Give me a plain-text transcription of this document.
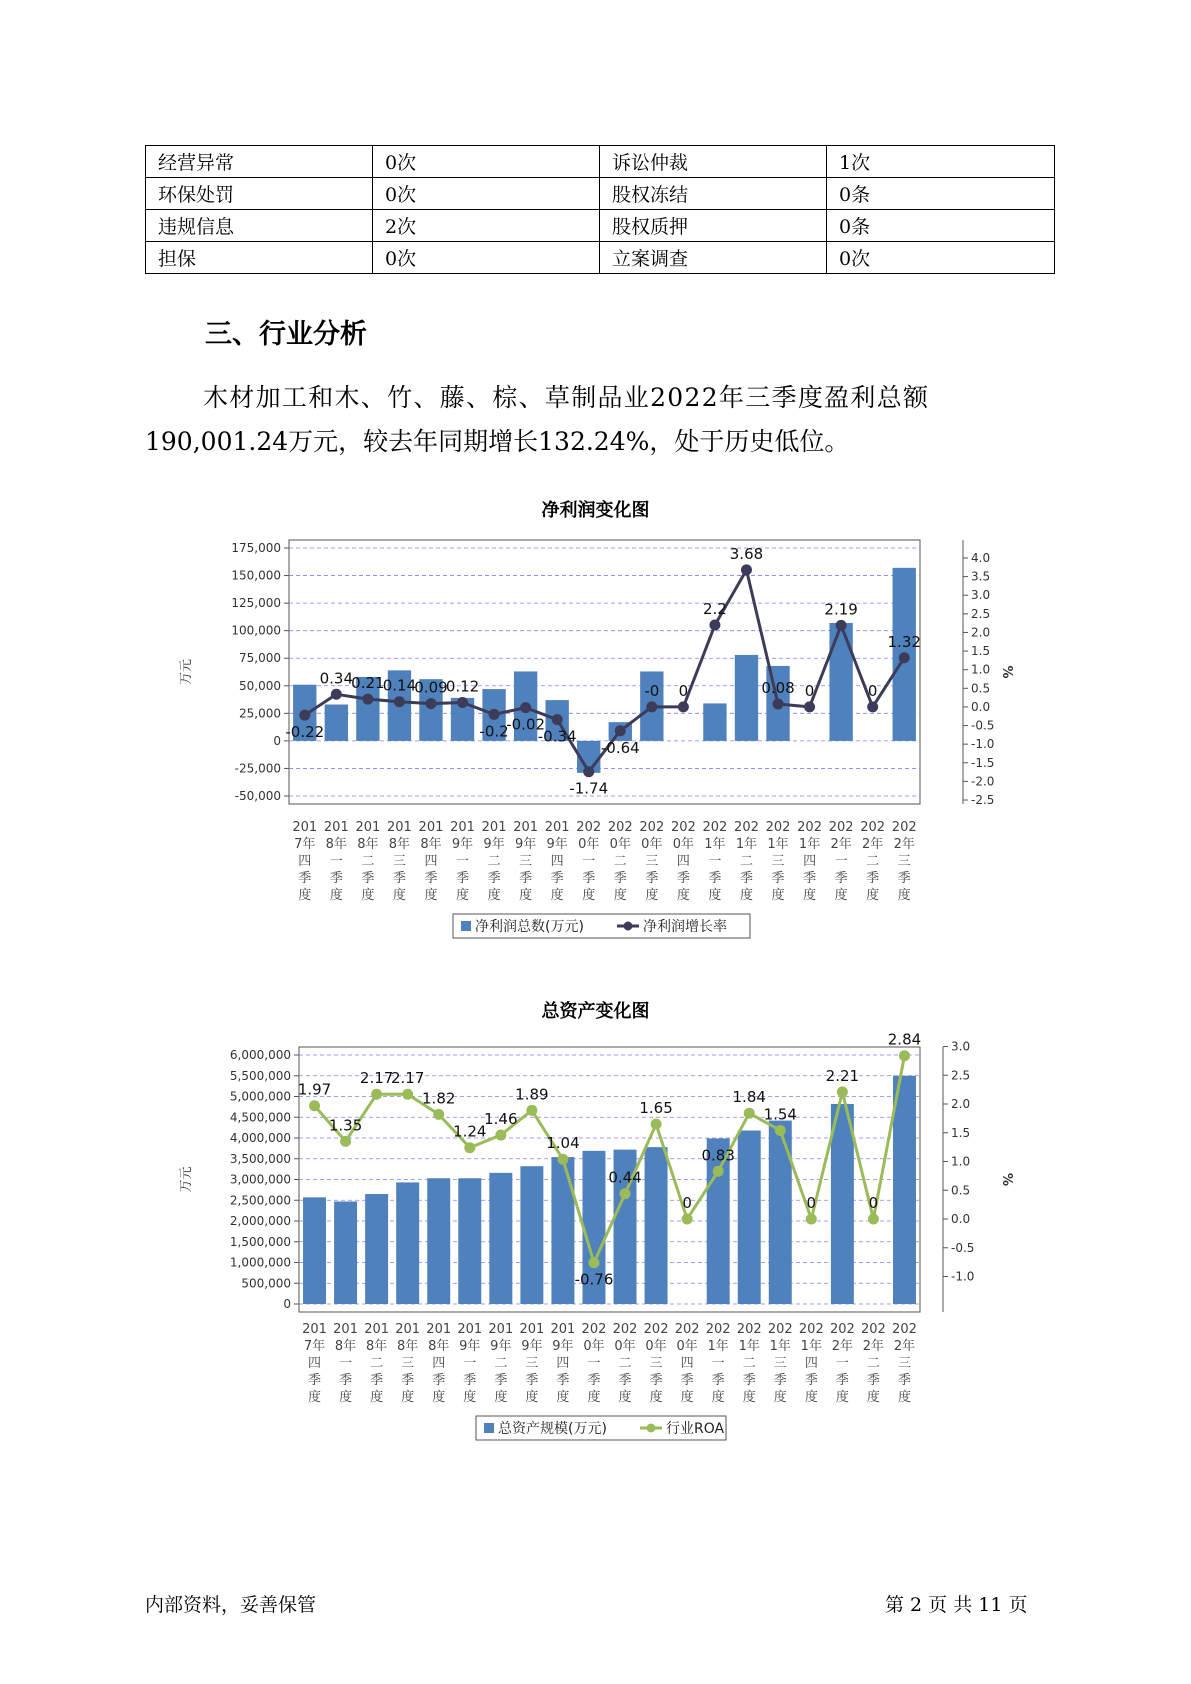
经营异常	0次	诉讼仲裁	1次
环保处罚	0次	股权冻结	0条
违规信息	2次	股权质押	0条
担保	0次	立案调查	0次
三、行业分析
木材加工和木、竹、藤、棕、草制品业2022年三季度盈利总额
190,001.24万元，较去年同期增长132.24%，处于历史低位。
净利润变化图
175,000
150,000
125,000
100,000
75,000
50,000
25,000
0
-25,000
-50,000
万元
4.0
3.5
3.0
2.5
2.0
1.5
1.0
0.5
0.0
-0.5
-1.0
-1.5
-2.0
-2.5
%
-0.22
0.34
0.21
0.14
0.09
0.12
-0.2
-0.02
-0.34
-1.74
-0.64
-0 0
2.2
3.68
0.08 0
2.19
0
1.32
201
7年
四
季
度
201
8年
一
季
度
201
8年
二
季
度
201
8年
三
季
度
201
8年
四
季
度
201
9年
一
季
度
201
9年
二
季
度
201
9年
三
季
度
201
9年
四
季
度
202
0年
一
季
度
202
0年
二
季
度
202
0年
三
季
度
202
0年
四
季
度
202
1年
一
季
度
202
1年
二
季
度
202
1年
三
季
度
202
1年
四
季
度
202
2年
一
季
度
202
2年
二
季
度
202
2年
三
季
度
净利润总数(万元)	净利润增长率
总资产变化图
6,000,000
5,500,000
5,000,000
4,500,000
4,000,000
3,500,000
3,000,000
2,500,000
2,000,000
1,500,000
1,000,000
500,000
0
万元
3.0
2.5
2.0
1.5
1.0
0.5
0.0
-0.5
-1.0
%
1.97
1.35
2.17
2.17
1.82
1.24
1.46
1.89
1.04
-0.76
0.44
1.65
0
0.83
1.84
1.54
0
2.21
0
2.84
201
7年
四
季
度
201
8年
一
季
度
201
8年
二
季
度
201
8年
三
季
度
201
8年
四
季
度
201
9年
一
季
度
201
9年
二
季
度
201
9年
三
季
度
201
9年
四
季
度
202
0年
一
季
度
202
0年
二
季
度
202
0年
三
季
度
202
0年
四
季
度
202
1年
一
季
度
202
1年
二
季
度
202
1年
三
季
度
202
1年
四
季
度
202
2年
一
季
度
202
2年
二
季
度
202
2年
三
季
度
总资产规模(万元)	行业ROA
内部资料，妥善保管	第 2 页 共 11 页
